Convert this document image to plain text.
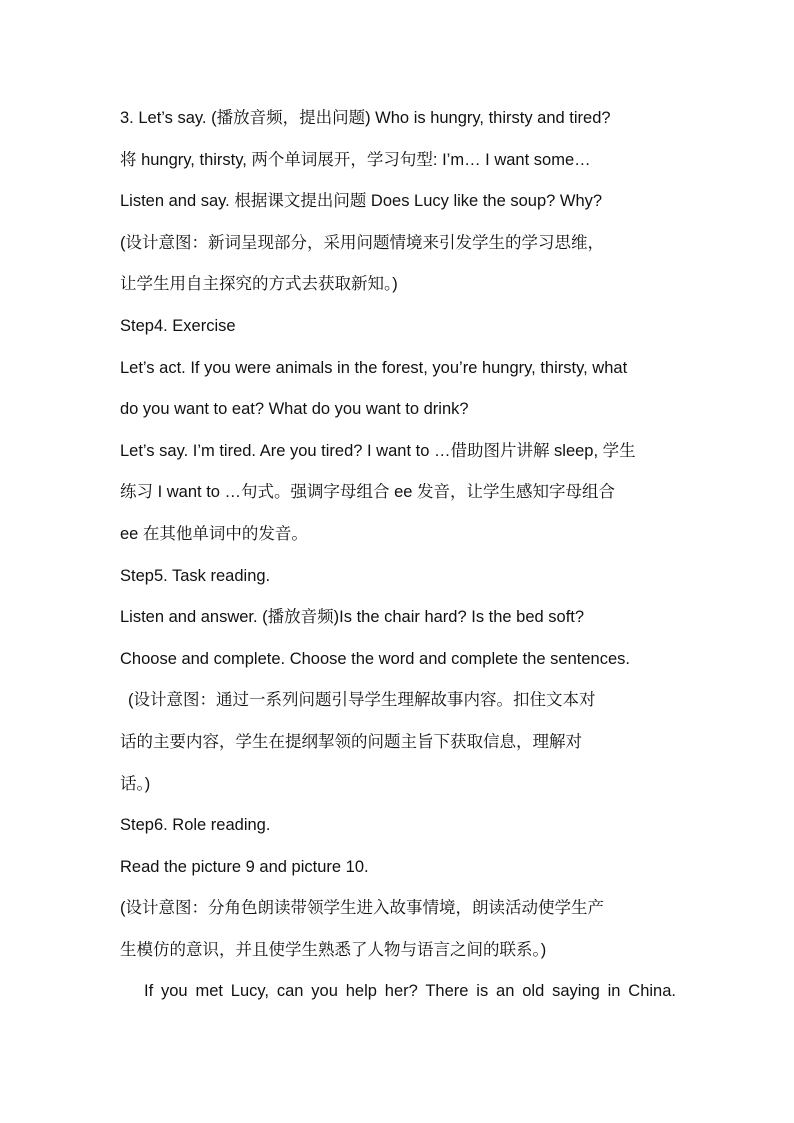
3. Let’s say. (播放音频，提出问题) Who is hungry, thirsty and tired?
将 hungry, thirsty, 两个单词展开，学习句型: I’m… I want some…
Listen and say. 根据课文提出问题 Does Lucy like the soup? Why?
(设计意图：新词呈现部分，采用问题情境来引发学生的学习思维，
让学生用自主探究的方式去获取新知。)
Step4. Exercise
Let’s act. If you were animals in the forest, you’re hungry, thirsty, what
do you want to eat? What do you want to drink?
Let’s say. I’m tired. Are you tired? I want to …借助图片讲解 sleep, 学生
练习 I want to …句式。强调字母组合 ee 发音，让学生感知字母组合
ee 在其他单词中的发音。
Step5. Task reading.
Listen and answer. (播放音频)Is the chair hard? Is the bed soft?
Choose and complete. Choose the word and complete the sentences.
(设计意图：通过一系列问题引导学生理解故事内容。扣住文本对
话的主要内容，学生在提纲挈领的问题主旨下获取信息，理解对
话。)
Step6. Role reading.
Read the picture 9 and picture 10.
(设计意图：分角色朗读带领学生进入故事情境，朗读活动使学生产
生模仿的意识，并且使学生熟悉了人物与语言之间的联系。)
If you met Lucy, can you help her? There is an old saying in China.
